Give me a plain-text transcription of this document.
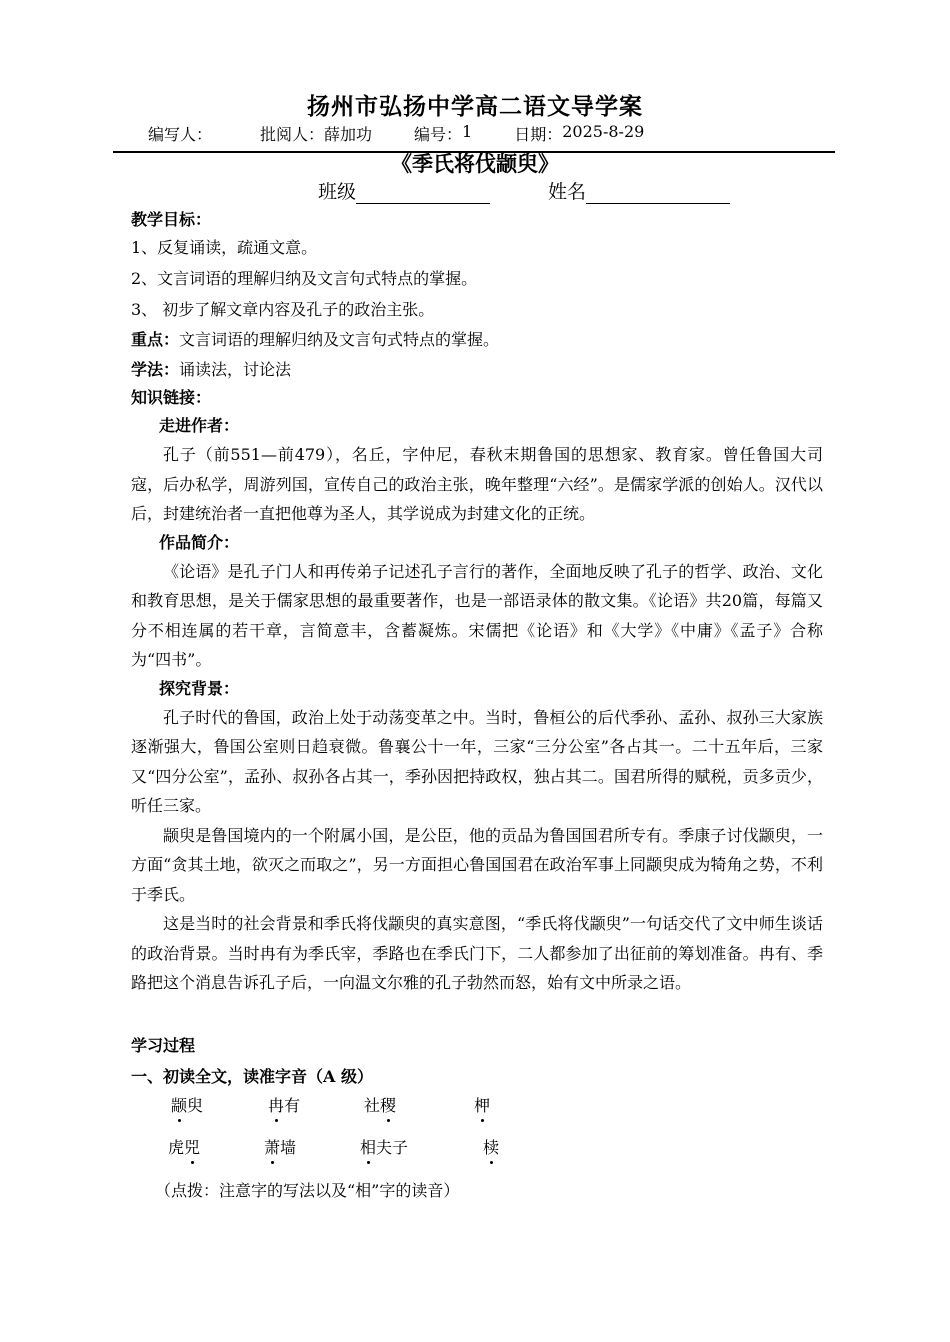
扬州市弘扬中学高二语文导学案
编写人：	批阅人： 薛加功	编号： 1	日期： 2025-8-29
《季氏将伐颛臾》
班级	姓名
教学目标：
1、反复诵读，疏通文意。
2、文言词语的理解归纳及文言句式特点的掌握。
3、 初步了解文章内容及孔子的政治主张。
重点：文言词语的理解归纳及文言句式特点的掌握。
学法：诵读法，讨论法
知识链接：
走进作者：
孔子（前551—前479），名丘，字仲尼，春秋末期鲁国的思想家、教育家。曾任鲁国大司寇，后办私学，周游列国，宣传自己的政治主张，晚年整理“六经”。是儒家学派的创始人。汉代以后，封建统治者一直把他尊为圣人，其学说成为封建文化的正统。
作品简介：
《论语》是孔子门人和再传弟子记述孔子言行的著作，全面地反映了孔子的哲学、政治、文化和教育思想，是关于儒家思想的最重要著作，也是一部语录体的散文集。《论语》共20篇，每篇又分不相连属的若干章，言简意丰，含蓄凝炼。宋儒把《论语》和《大学》《中庸》《孟子》合称为“四书”。
探究背景：
孔子时代的鲁国，政治上处于动荡变革之中。当时，鲁桓公的后代季孙、孟孙、叔孙三大家族逐渐强大，鲁国公室则日趋衰微。鲁襄公十一年，三家“三分公室”各占其一。二十五年后，三家又“四分公室”，孟孙、叔孙各占其一，季孙因把持政权，独占其二。国君所得的赋税，贡多贡少，听任三家。
颛臾是鲁国境内的一个附属小国，是公臣，他的贡品为鲁国国君所专有。季康子讨伐颛臾，一方面“贪其土地，欲灭之而取之”，另一方面担心鲁国国君在政治军事上同颛臾成为犄角之势，不利于季氏。
这是当时的社会背景和季氏将伐颛臾的真实意图，“季氏将伐颛臾”一句话交代了文中师生谈话的政治背景。当时冉有为季氏宰，季路也在季氏门下，二人都参加了出征前的筹划准备。冉有、季路把这个消息告诉孔子后，一向温文尔雅的孔子勃然而怒，始有文中所录之语。
学习过程
一、初读全文，读准字音（A 级）
颛臾	冉有	社稷	柙
虎兕	萧墙	相夫子	椟
（点拨：注意字的写法以及“相”字的读音）
